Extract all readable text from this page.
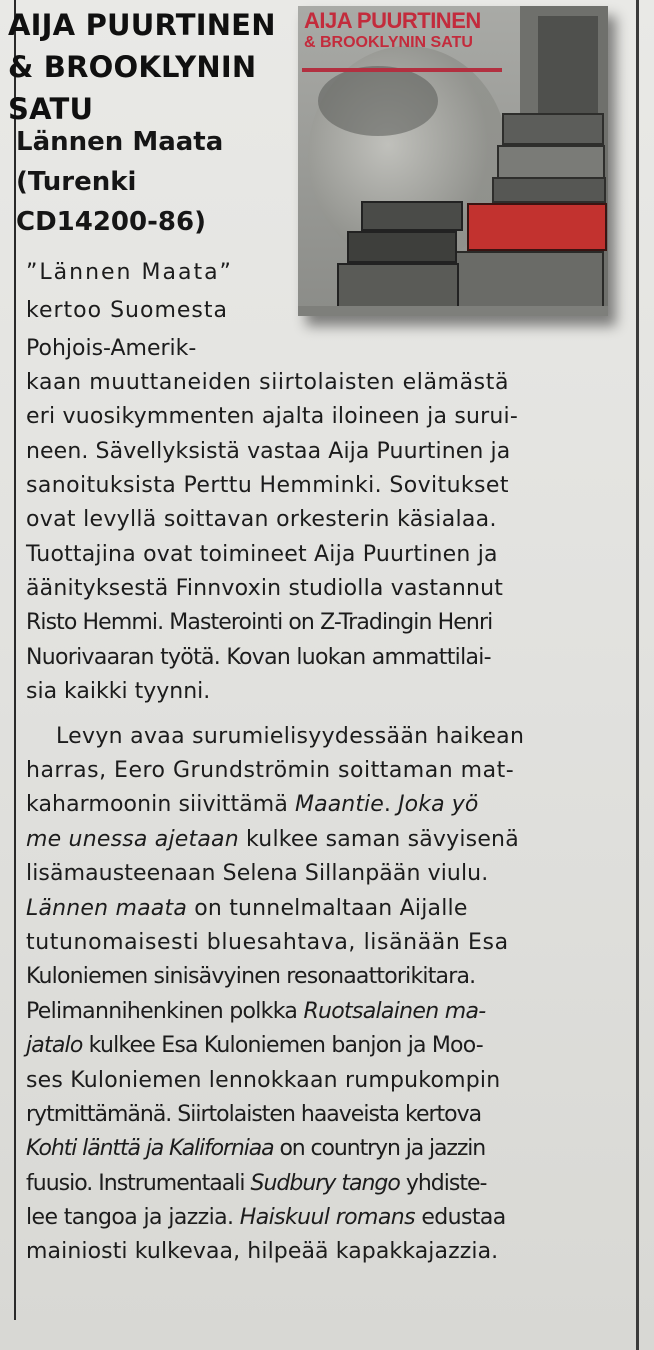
AIJA PUURTINEN
& BROOKLYNIN
SATU
Lännen Maata
(Turenki
CD14200-86)
AIJA PUURTINEN
& BROOKLYNIN SATU
”Lännen Maata”
kertoo Suomesta
Pohjois-Amerik-
kaan muuttaneiden siirtolaisten elämästä
eri vuosikymmenten ajalta iloineen ja surui-
neen. Sävellyksistä vastaa Aija Puurtinen ja
sanoituksista Perttu Hemminki. Sovitukset
ovat levyllä soittavan orkesterin käsialaa.
Tuottajina ovat toimineet Aija Puurtinen ja
äänityksestä Finnvoxin studiolla vastannut
Risto Hemmi. Masterointi on Z-Tradingin Henri
Nuorivaaran työtä. Kovan luokan ammattilai-
sia kaikki tyynni.
Levyn avaa surumielisyydessään haikean
harras, Eero Grundströmin soittaman mat-
kaharmoonin siivittämä Maantie. Joka yö
me unessa ajetaan kulkee saman sävyisenä
lisämausteenaan Selena Sillanpään viulu.
Lännen maata on tunnelmaltaan Aijalle
tutunomaisesti bluesahtava, lisänään Esa
Kuloniemen sinisävyinen resonaattorikitara.
Pelimannihenkinen polkka Ruotsalainen ma-
jatalo kulkee Esa Kuloniemen banjon ja Moo-
ses Kuloniemen lennokkaan rumpukompin
rytmittämänä. Siirtolaisten haaveista kertova
Kohti länttä ja Kaliforniaa on countryn ja jazzin
fuusio. Instrumentaali Sudbury tango yhdiste-
lee tangoa ja jazzia. Haiskuul romans edustaa
mainiosti kulkevaa, hilpeää kapakkajazzia.
